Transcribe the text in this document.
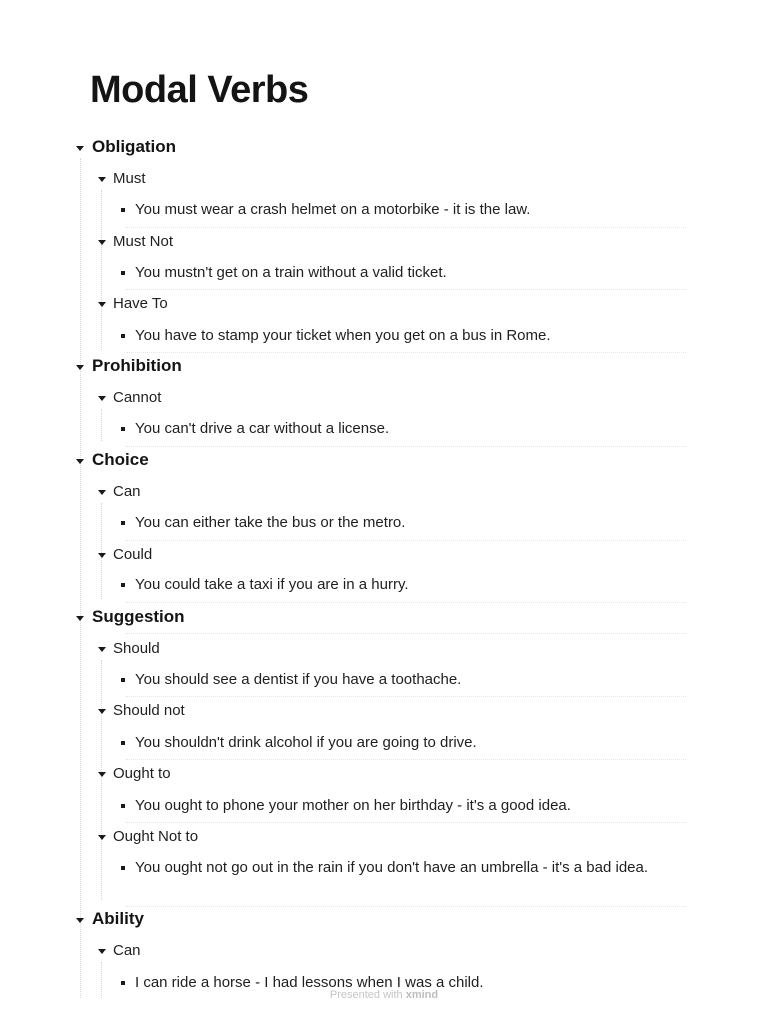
Modal Verbs
Obligation
Must
You must wear a crash helmet on a motorbike - it is the law.
Must Not
You mustn't get on a train without a valid ticket.
Have To
You have to stamp your ticket when you get on a bus in Rome.
Prohibition
Cannot
You can't drive a car without a license.
Choice
Can
You can either take the bus or the metro.
Could
You could take a taxi if you are in a hurry.
Suggestion
Should
You should see a dentist if you have a toothache.
Should not
You shouldn't drink alcohol if you are going to drive.
Ought to
You ought to phone your mother on her birthday - it's a good idea.
Ought Not to
You ought not go out in the rain if you don't have an umbrella - it's a bad idea.
Ability
Can
I can ride a horse - I had lessons when I was a child.
Presented with xmind
